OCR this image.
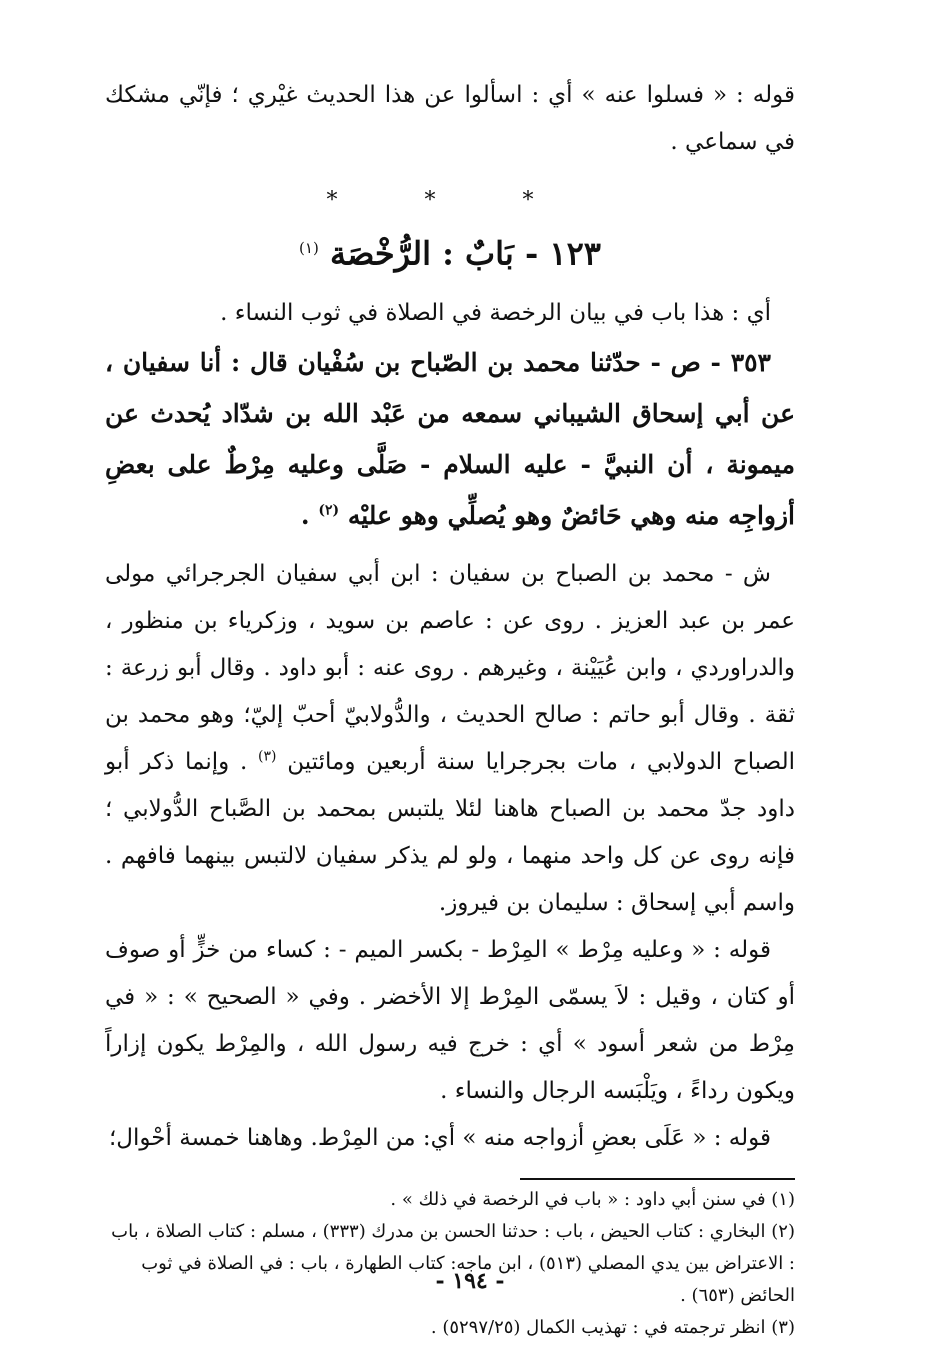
قوله : « فسلوا عنه » أي : اسألوا عن هذا الحديث غيْري ؛ فإنّي مشكك في سماعي .

* * *
١٢٣ - بَابٌ : الرُّخْصَة $^{(١)}$

أي : هذا باب في بيان الرخصة في الصلاة في ثوب النساء .

٣٥٣ - ص - حدّثنا محمد بن الصّباح بن سُفْيان قال : أنا سفيان ، عن أبي إسحاق الشيباني سمعه من عَبْد الله بن شدّاد يُحدث عن ميمونة ، أن النبيَّ - عليه السلام - صَلَّى وعليه مِرْطٌ على بعضِ أزواجِه منه وهي حَائضٌ وهو يُصلِّي وهو عليْه $^{(٢)}$ .

ش - محمد بن الصباح بن سفيان : ابن أبي سفيان الجرجرائي مولى عمر بن عبد العزيز . روى عن : عاصم بن سويد ، وزكرياء بن منظور ، والدراوردي ، وابن عُيَيْنة ، وغيرهم . روى عنه : أبو داود . وقال أبو زرعة : ثقة . وقال أبو حاتم : صالح الحديث ، والدُّولابيّ أحبّ إليّ؛ وهو محمد بن الصباح الدولابي ، مات بجرجرايا سنة أربعين ومائتين $^{(٣)}$ . وإنما ذكر أبو داود جدّ محمد بن الصباح هاهنا لئلا يلتبس بمحمد بن الصَّباح الدُّولابي ؛ فإنه روى عن كل واحد منهما ، ولو لم يذكر سفيان لالتبس بينهما فافهم . واسم أبي إسحاق : سليمان بن فيروز.

قوله : « وعليه مِرْط » المِرْط - بكسر الميم - : كساء من خزٍّ أو صوف أو كتان ، وقيل : لاَ يسمّى المِرْط إلا الأخضر . وفي « الصحيح » : « في مِرْط من شعر أسود » أي : خرج فيه رسول الله ، والمِرْط يكون إزاراً ويكون رداءً ، ويَلْبَسه الرجال والنساء .

قوله : « عَلَى بعضِ أزواجه منه » أي: من المِرْط. وهاهنا خمسة أحْوال؛

(١) في سنن أبي داود : « باب في الرخصة في ذلك » .

(٢) البخاري : كتاب الحيض ، باب : حدثنا الحسن بن مدرك (٣٣٣) ، مسلم : كتاب الصلاة ، باب : الاعتراض بين يدي المصلي (٥١٣) ، ابن ماجه: كتاب الطهارة ، باب : في الصلاة في ثوب الحائض (٦٥٣) .

(٣) انظر ترجمته في : تهذيب الكمال (٥٢٩٧/٢٥) .

- ١٩٤ -
